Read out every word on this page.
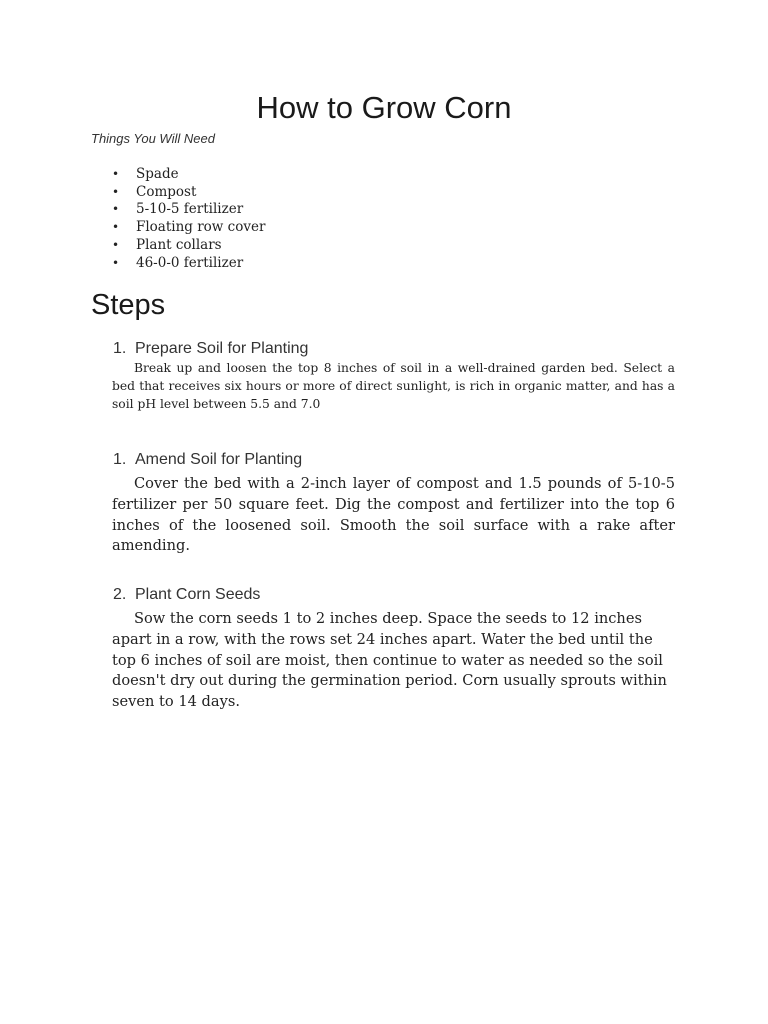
How to Grow Corn

Things You Will Need

• Spade
• Compost
• 5-10-5 fertilizer
• Floating row cover
• Plant collars
• 46-0-0 fertilizer
Steps
1. Prepare Soil for Planting

Break up and loosen the top 8 inches of soil in a well-drained garden bed. Select a bed that receives six hours or more of direct sunlight, is rich in organic matter, and has a soil pH level between 5.5 and 7.0

1. Amend Soil for Planting

Cover the bed with a 2-inch layer of compost and 1.5 pounds of 5-10-5 fertilizer per 50 square feet. Dig the compost and fertilizer into the top 6 inches of the loosened soil. Smooth the soil surface with a rake after amending.

2. Plant Corn Seeds

Sow the corn seeds 1 to 2 inches deep. Space the seeds to 12 inches apart in a row, with the rows set 24 inches apart. Water the bed until the top 6 inches of soil are moist, then continue to water as needed so the soil doesn't dry out during the germination period. Corn usually sprouts within seven to 14 days.
